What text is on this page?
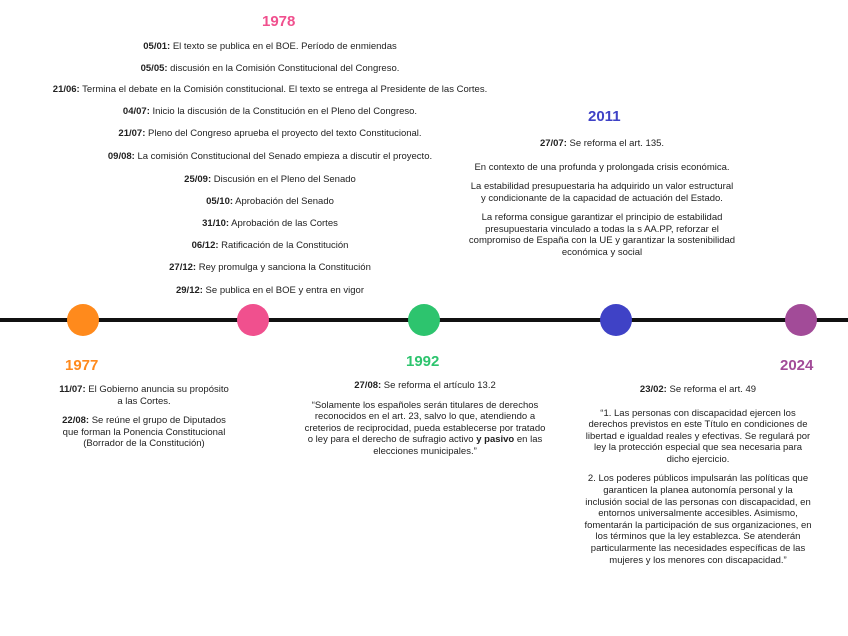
1978
05/01: El texto se publica en el BOE. Período de enmiendas
05/05: discusión en la Comisión Constitucional del Congreso.
21/06: Termina el debate en la Comisión constitucional. El texto se entrega al Presidente de las Cortes.
04/07: Inicio la discusión de la Constitución en el Pleno del Congreso.
21/07: Pleno del Congreso aprueba el proyecto del texto Constitucional.
09/08: La comisión Constitucional del Senado empieza a discutir el proyecto.
25/09: Discusión en el Pleno del Senado
05/10: Aprobación del Senado
31/10: Aprobación de las Cortes
06/12: Ratificación de la Constitución
27/12: Rey promulga y sanciona la Constitución
29/12: Se publica en el BOE y entra en vigor
2011

27/07: Se reforma el art. 135.

En contexto de una profunda y prolongada crisis económica.

La estabilidad presupuestaria ha adquirido un valor estructural y condicionante de la capacidad de actuación del Estado.

La reforma consigue garantizar el principio de estabilidad presupuestaria vinculado a todas la s AA.PP, reforzar el compromiso de España con la UE y garantizar la sostenibilidad económica y social

1977

11/07: El Gobierno anuncia su propósito a las Cortes.

22/08: Se reúne el grupo de Diputados que forman la Ponencia Constitucional (Borrador de la Constitución)

1992

27/08: Se reforma el artículo 13.2

“Solamente los españoles serán titulares de derechos reconocidos en el art. 23, salvo lo que, atendiendo a creterios de reciprocidad, pueda establecerse por tratado o ley para el derecho de sufragio activo y pasivo en las elecciones municipales.”

2024

23/02: Se reforma el art. 49

“1. Las personas con discapacidad ejercen los derechos previstos en este Título en condiciones de libertad e igualdad reales y efectivas. Se regulará por ley la protección especial que sea necesaria para dicho ejercicio.

2. Los poderes públicos impulsarán las políticas que garanticen la planea autonomía personal y la inclusión social de las personas con discapacidad, en entornos universalmente accesibles. Asimismo, fomentarán la participación de sus organizaciones, en los términos que la ley establezca. Se atenderán particularmente las necesidades específicas de las mujeres y los menores con discapacidad.”
